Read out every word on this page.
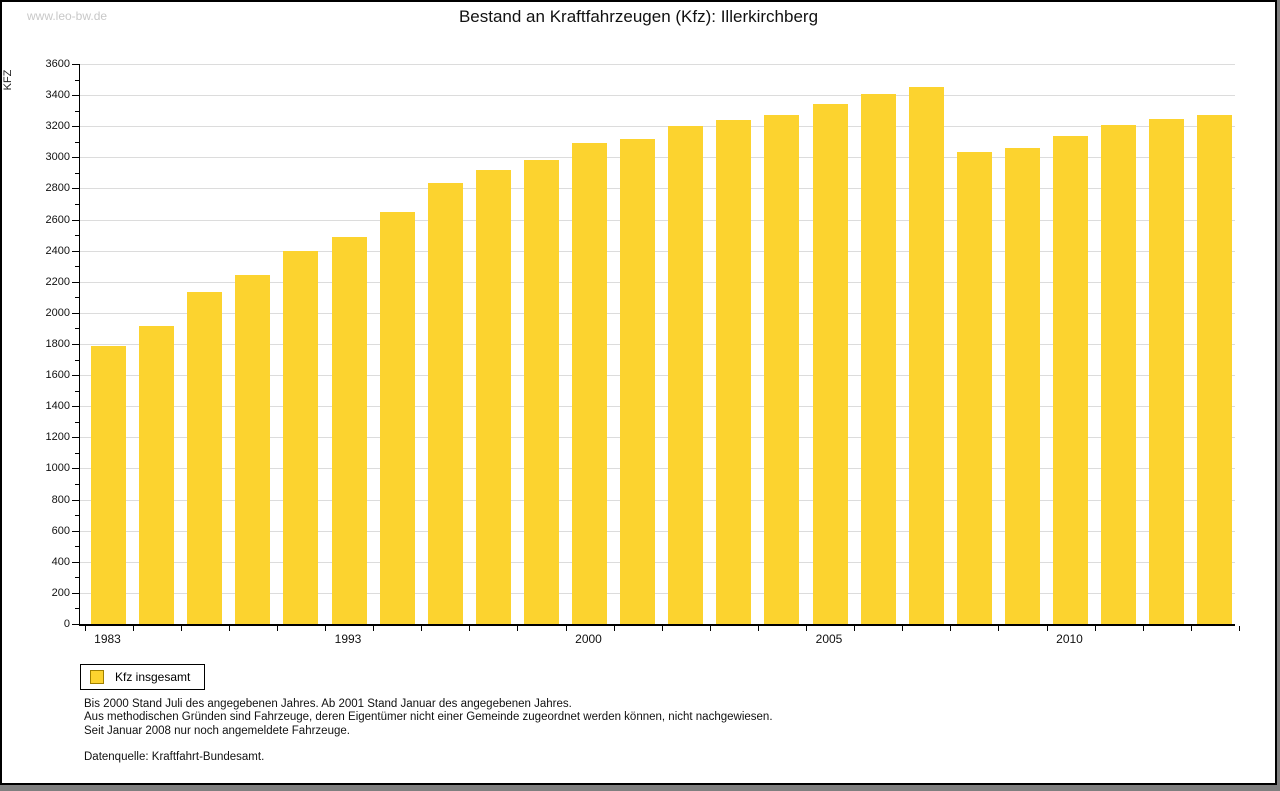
www.leo-bw.de	Bestand an Kraftfahrzeugen (Kfz): Illerkirchberg
KFZ
0
200
400
600
800
1000
1200
1400
1600
1800
2000
2200
2400
2600
2800
3000
3200
3400
3600
1983	1993	2000	2005	2010
Kfz insgesamt
Bis 2000 Stand Juli des angegebenen Jahres. Ab 2001 Stand Januar des angegebenen Jahres.
Aus methodischen Gründen sind Fahrzeuge, deren Eigentümer nicht einer Gemeinde zugeordnet werden können, nicht nachgewiesen.
Seit Januar 2008 nur noch angemeldete Fahrzeuge.
Datenquelle: Kraftfahrt-Bundesamt.
